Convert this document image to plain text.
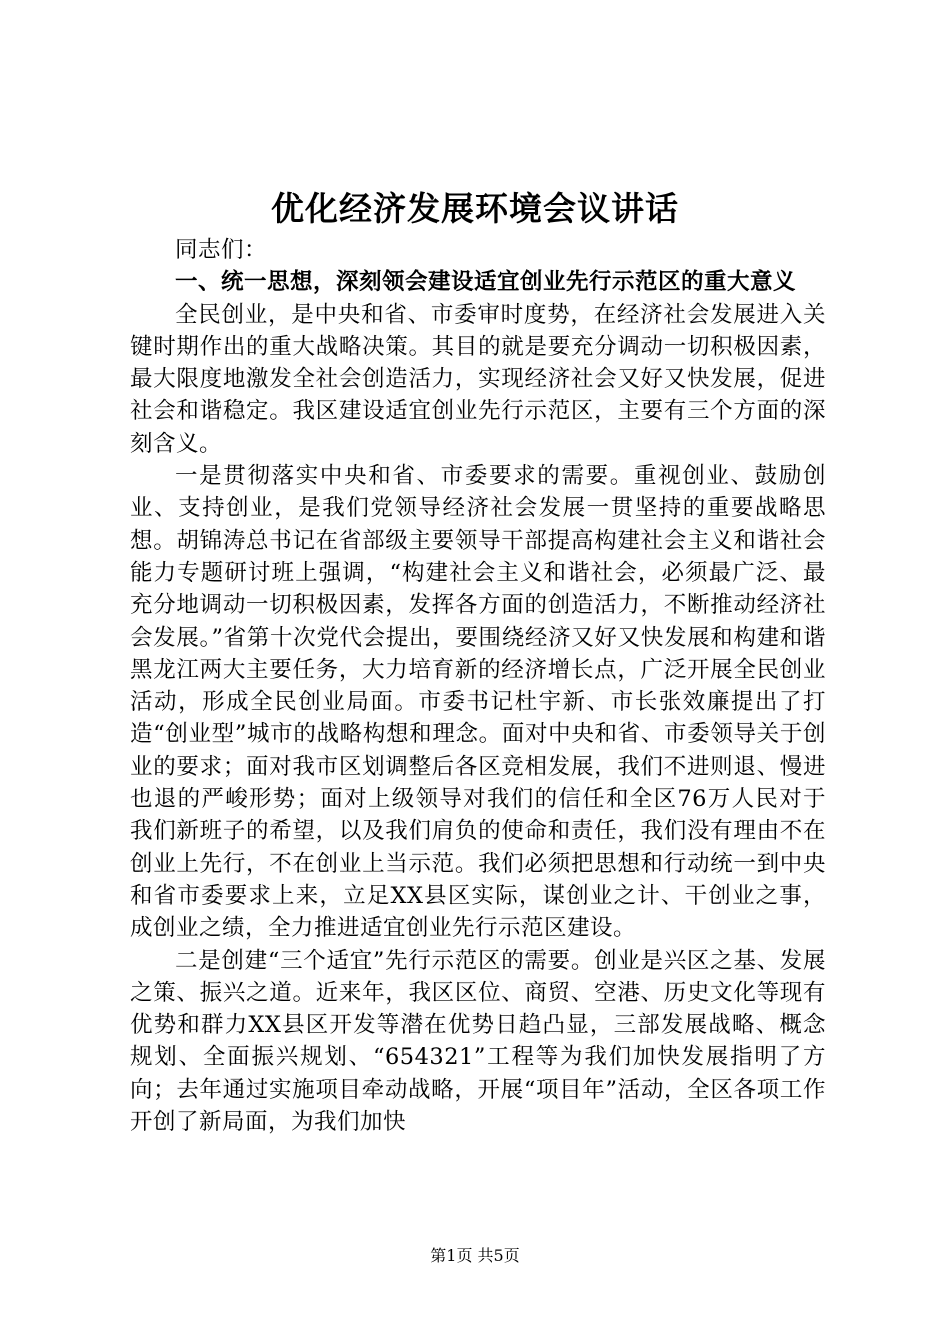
优化经济发展环境会议讲话

同志们：

一、统一思想，深刻领会建设适宜创业先行示范区的重大意义

全民创业，是中央和省、市委审时度势，在经济社会发展进入关键时期作出的重大战略决策。其目的就是要充分调动一切积极因素，最大限度地激发全社会创造活力，实现经济社会又好又快发展，促进社会和谐稳定。我区建设适宜创业先行示范区，主要有三个方面的深刻含义。

一是贯彻落实中央和省、市委要求的需要。重视创业、鼓励创业、支持创业，是我们党领导经济社会发展一贯坚持的重要战略思想。胡锦涛总书记在省部级主要领导干部提高构建社会主义和谐社会能力专题研讨班上强调，“构建社会主义和谐社会，必须最广泛、最充分地调动一切积极因素，发挥各方面的创造活力，不断推动经济社会发展。”省第十次党代会提出，要围绕经济又好又快发展和构建和谐黑龙江两大主要任务，大力培育新的经济增长点，广泛开展全民创业活动，形成全民创业局面。市委书记杜宇新、市长张效廉提出了打造“创业型”城市的战略构想和理念。面对中央和省、市委领导关于创业的要求；面对我市区划调整后各区竞相发展，我们不进则退、慢进也退的严峻形势；面对上级领导对我们的信任和全区76万人民对于我们新班子的希望，以及我们肩负的使命和责任，我们没有理由不在创业上先行，不在创业上当示范。我们必须把思想和行动统一到中央和省市委要求上来，立足XX县区实际，谋创业之计、干创业之事，成创业之绩，全力推进适宜创业先行示范区建设。

二是创建“三个适宜”先行示范区的需要。创业是兴区之基、发展之策、振兴之道。近来年，我区区位、商贸、空港、历史文化等现有优势和群力XX县区开发等潜在优势日趋凸显，三部发展战略、概念规划、全面振兴规划、“654321”工程等为我们加快发展指明了方向；去年通过实施项目牵动战略，开展“项目年”活动，全区各项工作开创了新局面，为我们加快

第1页 共5页
